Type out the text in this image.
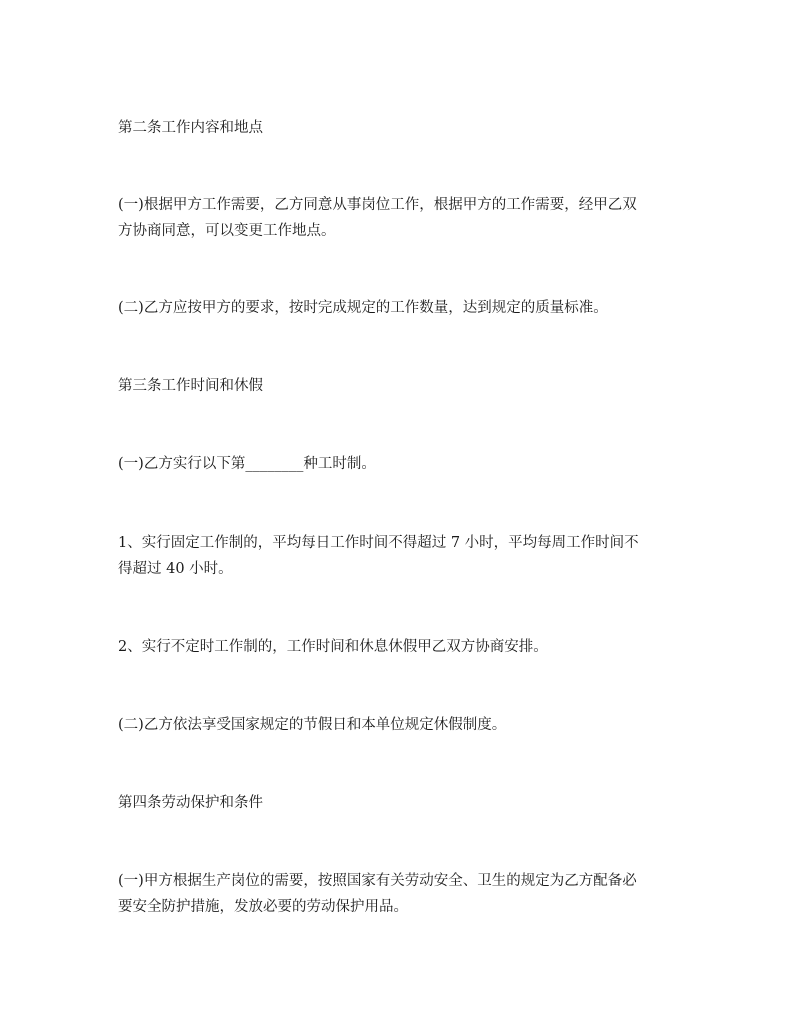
第二条工作内容和地点

(一)根据甲方工作需要，乙方同意从事岗位工作，根据甲方的工作需要，经甲乙双

方协商同意，可以变更工作地点。

(二)乙方应按甲方的要求，按时完成规定的工作数量，达到规定的质量标准。

第三条工作时间和休假

(一)乙方实行以下第________种工时制。

1、实行固定工作制的，平均每日工作时间不得超过 7 小时，平均每周工作时间不

得超过 40 小时。

2、实行不定时工作制的，工作时间和休息休假甲乙双方协商安排。

(二)乙方依法享受国家规定的节假日和本单位规定休假制度。

第四条劳动保护和条件

(一)甲方根据生产岗位的需要，按照国家有关劳动安全、卫生的规定为乙方配备必

要安全防护措施，发放必要的劳动保护用品。
